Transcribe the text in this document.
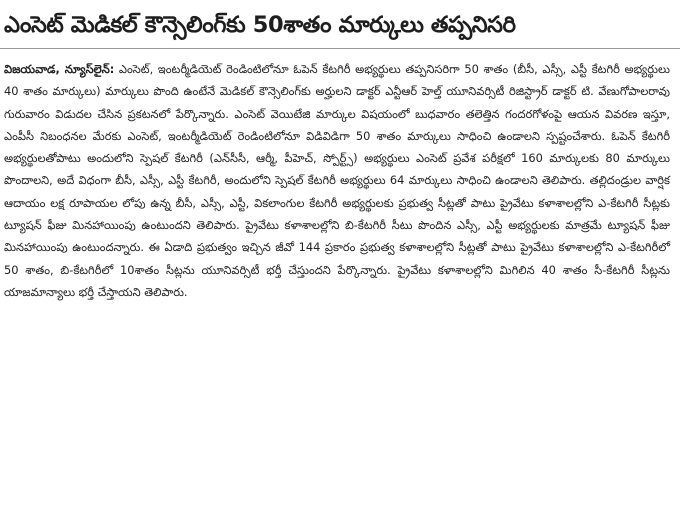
ఎంసెట్ మెడికల్ కౌన్సెలింగ్‌కు 50శాతం మార్కులు తప్పనిసరి
విజయవాడ, న్యూస్‌లైన్: ఎంసెట్, ఇంటర్మీడియెట్ రెండింటిలోనూ ఓపెన్ కేటగిరీ అభ్యర్థులు తప్పనిసరిగా 50 శాతం (బీసీ, ఎస్సీ, ఎస్టీ కేటగిరీ అభ్యర్థులు 40 శాతం మార్కులు) మార్కులు పొంది ఉంటేనే మెడికల్ కౌన్సెలింగ్‌కు అర్హులని డాక్టర్ ఎన్టీఆర్ హెల్త్ యూనివర్సిటీ రిజిస్ట్రార్ డాక్టర్ టి. వేణుగోపాలరావు గురువారం విడుదల చేసిన ప్రకటనలో పేర్కొన్నారు. ఎంసెట్ వెయిటేజి మార్కుల విషయంలో బుధవారం తలెత్తిన గందరగోళంపై ఆయన వివరణ ఇస్తూ, ఎంపీసీ నిబంధనల మేరకు ఎంసెట్, ఇంటర్మీడియెట్ రెండింటిలోనూ విడివిడిగా 50 శాతం మార్కులు సాధించి ఉండాలని స్పష్టంచేశారు. ఓపెన్ కేటగిరీ అభ్యర్థులతోపాటు అందులోని స్పెషల్ కేటగిరీ (ఎన్‌సీసీ, ఆర్మీ, పీహెచ్, స్పోర్ట్స్) అభ్యర్థులు ఎంసెట్ ప్రవేశ పరీక్షలో 160 మార్కులకు 80 మార్కులు పొందాలని, అదే విధంగా బీసీ, ఎస్సీ, ఎస్టీ కేటగిరీ, అందులోని స్పెషల్ కేటగిరీ అభ్యర్థులు 64 మార్కులు సాధించి ఉండాలని తెలిపారు. తల్లిదండ్రుల వార్షిక ఆదాయం లక్ష రూపాయల లోపు ఉన్న బీసీ, ఎస్సీ, ఎస్టీ, వికలాంగుల కేటగిరీ అభ్యర్థులకు ప్రభుత్వ సీట్లతో పాటు ప్రైవేటు కళాశాలల్లోని ఎ-కేటగిరీ సీట్లకు ట్యూషన్ ఫీజు మినహాయింపు ఉంటుందని తెలిపారు. ప్రైవేటు కళాశాలల్లోని బి-కేటగిరీ సీటు పొందిన ఎస్సీ, ఎస్టీ అభ్యర్థులకు మాత్రమే ట్యూషన్ ఫీజు మినహాయింపు ఉంటుందన్నారు. ఈ ఏడాది ప్రభుత్వం ఇచ్చిన జీవో 144 ప్రకారం ప్రభుత్వ కళాశాలల్లోని సీట్లతో పాటు ప్రైవేటు కళాశాలల్లోని ఎ-కేటగిరీలో 50 శాతం, బి-కేటగిరీలో 10శాతం సీట్లను యూనివర్సిటీ భర్తీ చేస్తుందని పేర్కొన్నారు. ప్రైవేటు కళాశాలల్లోని మిగిలిన 40 శాతం సీ-కేటగిరీ సీట్లను యాజమాన్యాలు భర్తీ చేస్తాయని తెలిపారు.
